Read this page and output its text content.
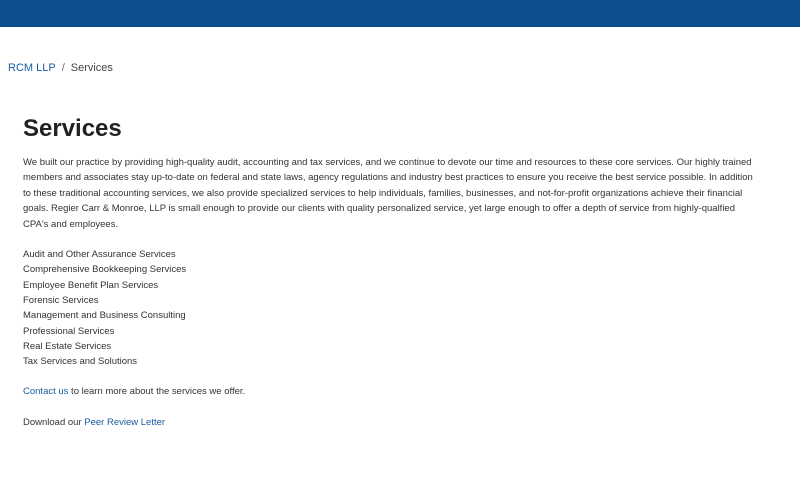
RCM LLP / Services
Services

We built our practice by providing high-quality audit, accounting and tax services, and we continue to devote our time and resources to these core services. Our highly trained members and associates stay up-to-date on federal and state laws, agency regulations and industry best practices to ensure you receive the best service possible. In addition to these traditional accounting services, we also provide specialized services to help individuals, families, businesses, and not-for-profit organizations achieve their financial goals. Regier Carr & Monroe, LLP is small enough to provide our clients with quality personalized service, yet large enough to offer a depth of service from highly-qualfied CPA's and employees.

Audit and Other Assurance Services
Comprehensive Bookkeeping Services
Employee Benefit Plan Services
Forensic Services
Management and Business Consulting
Professional Services
Real Estate Services
Tax Services and Solutions

Contact us to learn more about the services we offer.

Download our Peer Review Letter
